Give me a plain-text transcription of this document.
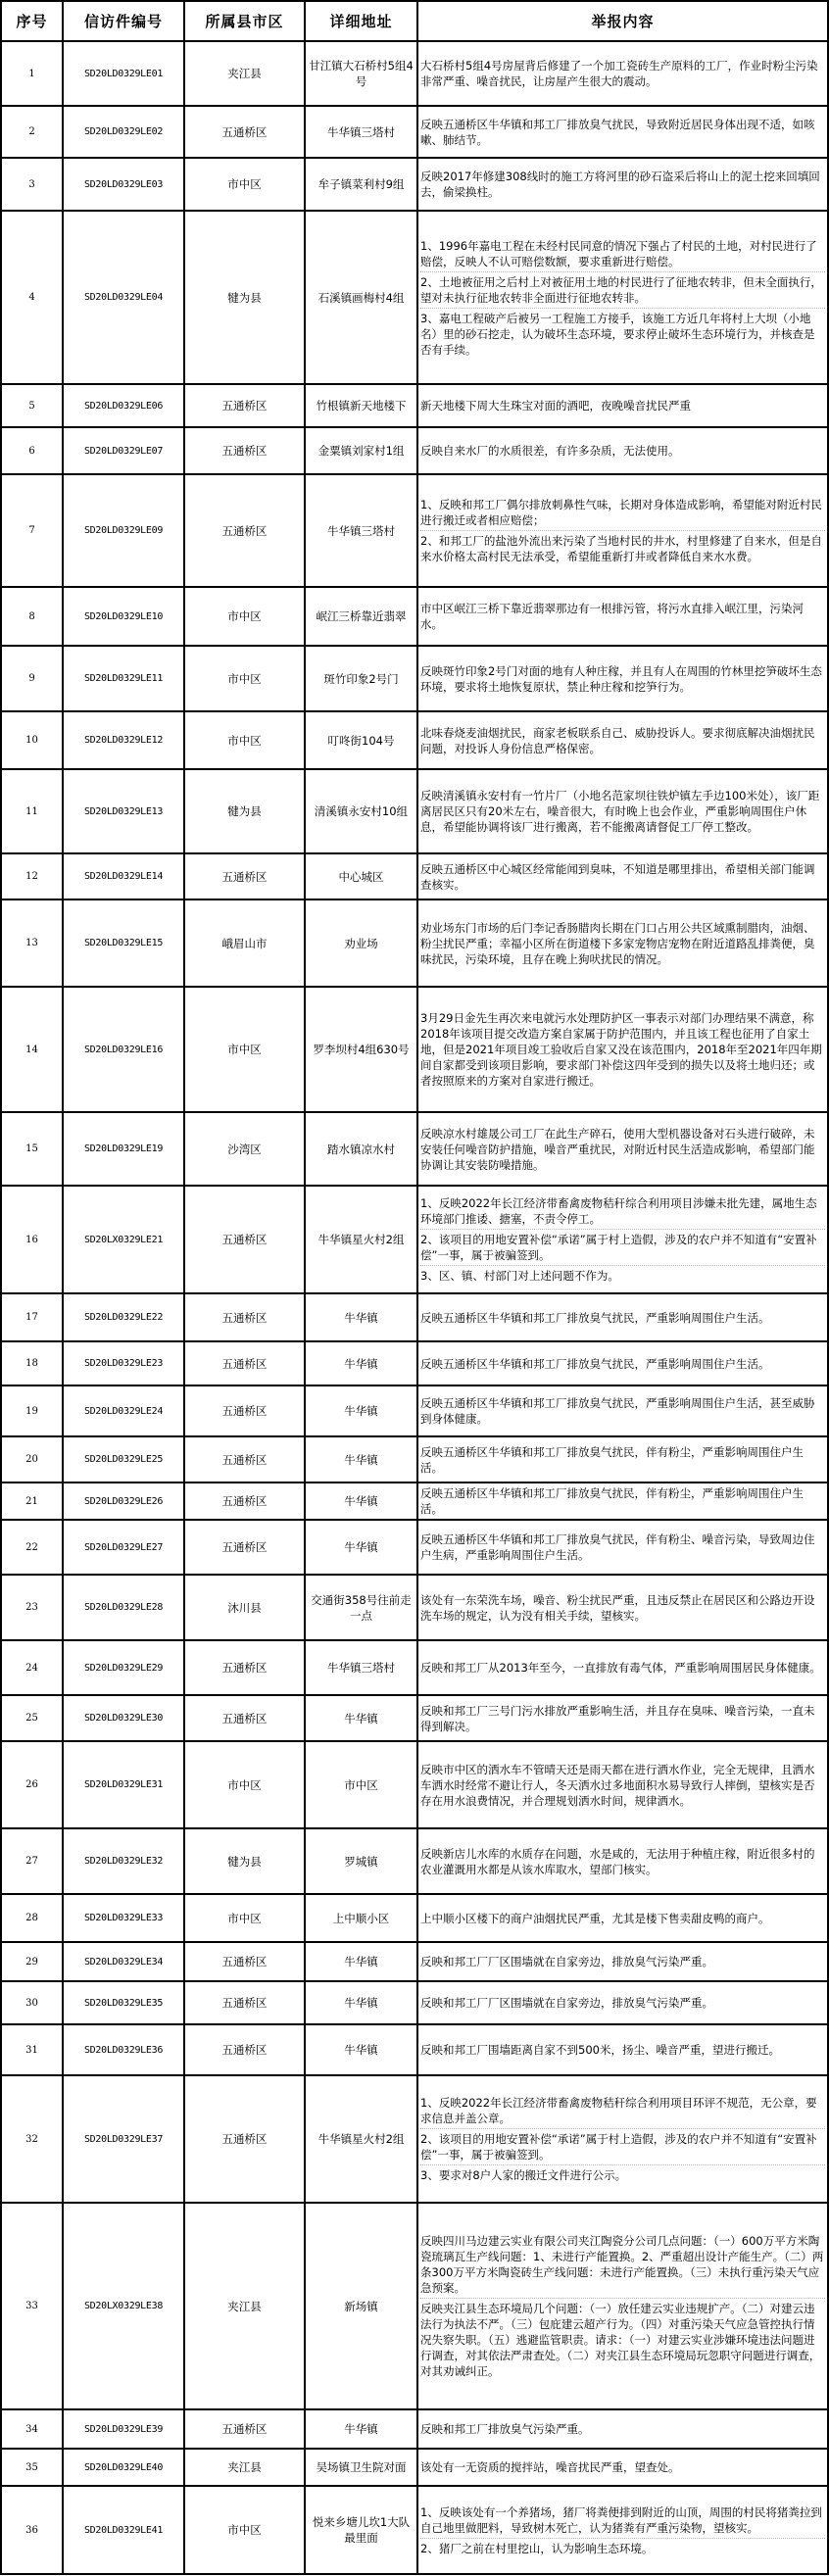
序号	信访件编号	所属县市区	详细地址	举报内容
1	SD20LD0329LE01	夹江县	甘江镇大石桥村5组4号	大石桥村5组4号房屋背后修建了一个加工瓷砖生产原料的工厂，作业时粉尘污染非常严重、噪音扰民，让房屋产生很大的震动。

2	SD20LD0329LE02	五通桥区	牛华镇三塔村	反映五通桥区牛华镇和邦工厂排放臭气扰民，导致附近居民身体出现不适，如咳嗽、肺结节。

3	SD20LD0329LE03	市中区	牟子镇菜利村9组	反映2017年修建308线时的施工方将河里的砂石盗采后将山上的泥土挖来回填回去，偷梁换柱。

4	SD20LD0329LE04	犍为县	石溪镇画梅村4组	1、1996年嘉电工程在未经村民同意的情况下强占了村民的土地，对村民进行了赔偿，反映人不认可赔偿数额，要求重新进行赔偿。
2、土地被征用之后村上对被征用土地的村民进行了征地农转非，但未全面执行，望对未执行征地农转非全面进行征地农转非。
3、嘉电工程破产后被另一工程施工方接手，该施工方近几年将村上大坝（小地名）里的砂石挖走，认为破坏生态环境，要求停止破坏生态环境行为，并核查是否有手续。

5	SD20LD0329LE06	五通桥区	竹根镇新天地楼下	新天地楼下周大生珠宝对面的酒吧，夜晚噪音扰民严重

6	SD20LD0329LE07	五通桥区	金粟镇刘家村1组	反映自来水厂的水质很差，有许多杂质，无法使用。

7	SD20LD0329LE09	五通桥区	牛华镇三塔村	1、反映和邦工厂偶尔排放刺鼻性气味，长期对身体造成影响，希望能对附近村民进行搬迁或者相应赔偿；
2、和邦工厂的盐池外流出来污染了当地村民的井水，村里修建了自来水，但是自来水价格太高村民无法承受，希望能重新打井或者降低自来水水费。

8	SD20LD0329LE10	市中区	岷江三桥靠近翡翠	市中区岷江三桥下靠近翡翠那边有一根排污管，将污水直排入岷江里，污染河水。

9	SD20LD0329LE11	市中区	斑竹印象2号门	反映斑竹印象2号门对面的地有人种庄稼，并且有人在周围的竹林里挖笋破坏生态环境，要求将土地恢复原状，禁止种庄稼和挖笋行为。

10	SD20LD0329LE12	市中区	叮咚街104号	北味春烧麦油烟扰民，商家老板联系自己、威胁投诉人。要求彻底解决油烟扰民问题，对投诉人身份信息严格保密。

11	SD20LD0329LE13	犍为县	清溪镇永安村10组	反映清溪镇永安村有一竹片厂（小地名范家坝往铁炉镇左手边100米处），该厂距离居民区只有20米左右，噪音很大，有时晚上也会作业，严重影响周围住户休息，希望能协调将该厂进行搬离，若不能搬离请督促工厂停工整改。

12	SD20LD0329LE14	五通桥区	中心城区	反映五通桥区中心城区经常能闻到臭味，不知道是哪里排出，希望相关部门能调查核实。

13	SD20LD0329LE15	峨眉山市	劝业场	劝业场东门市场的后门李记香肠腊肉长期在门口占用公共区域熏制腊肉，油烟、粉尘扰民严重；幸福小区所在街道楼下多家宠物店宠物在附近道路乱排粪便，臭味扰民，污染环境，且存在晚上狗吠扰民的情况。

14	SD20LD0329LE16	市中区	罗李坝村4组630号	3月29日金先生再次来电就污水处理防护区一事表示对部门办理结果不满意，称2018年该项目提交改造方案自家属于防护范围内，并且该工程也征用了自家土地，但是2021年项目竣工验收后自家又没在该范围内，2018年至2021年四年期间自家都受到该项目影响，要求部门补偿这四年受到的损失以及将土地归还；或者按照原来的方案对自家进行搬迁。

15	SD20LD0329LE19	沙湾区	踏水镇凉水村	反映凉水村雄晟公司工厂在此生产碎石，使用大型机器设备对石头进行破碎，未安装任何噪音防护措施，噪音严重扰民，对附近村民生活造成影响，希望部门能协调让其安装防噪措施。

16	SD20LX0329LE21	五通桥区	牛华镇星火村2组	1、反映2022年长江经济带畜禽废物秸秆综合利用项目涉嫌未批先建，属地生态环境部门推诿、搪塞，不责令停工。
2、该项目的用地安置补偿“承诺”属于村上造假，涉及的农户并不知道有“安置补偿”一事，属于被骗签到。
3、区、镇、村部门对上述问题不作为。

17	SD20LD0329LE22	五通桥区	牛华镇	反映五通桥区牛华镇和邦工厂排放臭气扰民，严重影响周围住户生活。

18	SD20LD0329LE23	五通桥区	牛华镇	反映五通桥区牛华镇和邦工厂排放臭气扰民，严重影响周围住户生活。

19	SD20LD0329LE24	五通桥区	牛华镇	反映五通桥区牛华镇和邦工厂排放臭气扰民，严重影响周围住户生活，甚至威胁到身体健康。

20	SD20LD0329LE25	五通桥区	牛华镇	反映五通桥区牛华镇和邦工厂排放臭气扰民，伴有粉尘，严重影响周围住户生活。

21	SD20LD0329LE26	五通桥区	牛华镇	反映五通桥区牛华镇和邦工厂排放臭气扰民，伴有粉尘，严重影响周围住户生活。

22	SD20LD0329LE27	五通桥区	牛华镇	反映五通桥区牛华镇和邦工厂排放臭气扰民，伴有粉尘、噪音污染，导致周边住户生病，严重影响周围住户生活。

23	SD20LD0329LE28	沐川县	交通街358号往前走一点	该处有一东荣洗车场，噪音、粉尘扰民严重，且违反禁止在居民区和公路边开设洗车场的规定，认为没有相关手续，望核实。

24	SD20LD0329LE29	五通桥区	牛华镇三塔村	反映和邦工厂从2013年至今，一直排放有毒气体，严重影响周围居民身体健康。

25	SD20LD0329LE30	五通桥区	牛华镇	反映和邦工厂三号门污水排放严重影响生活，并且存在臭味、噪音污染，一直未得到解决。

26	SD20LD0329LE31	市中区	市中区	反映市中区的洒水车不管晴天还是雨天都在进行洒水作业，完全无规律，且洒水车洒水时经常不避让行人，冬天洒水过多地面积水易导致行人摔倒，望核实是否存在用水浪费情况，并合理规划洒水时间，规律洒水。

27	SD20LD0329LE32	犍为县	罗城镇	反映新店儿水库的水质存在问题，水是咸的，无法用于种植庄稼，附近很多村的农业灌溉用水都是从该水库取水，望部门核实。

28	SD20LD0329LE33	市中区	上中顺小区	上中顺小区楼下的商户油烟扰民严重，尤其是楼下售卖甜皮鸭的商户。

29	SD20LD0329LE34	五通桥区	牛华镇	反映和邦工厂厂区围墙就在自家旁边，排放臭气污染严重。

30	SD20LD0329LE35	五通桥区	牛华镇	反映和邦工厂厂区围墙就在自家旁边，排放臭气污染严重。

31	SD20LD0329LE36	五通桥区	牛华镇	反映和邦工厂围墙距离自家不到500米，扬尘、噪音严重，望进行搬迁。

32	SD20LD0329LE37	五通桥区	牛华镇星火村2组	1、反映2022年长江经济带畜禽废物秸秆综合利用项目环评不规范，无公章，要求信息并盖公章。
2、该项目的用地安置补偿“承诺”属于村上造假，涉及的农户并不知道有“安置补偿”一事，属于被骗签到。
3、要求对8户人家的搬迁文件进行公示。

33	SD20LX0329LE38	夹江县	新场镇	反映四川马边建云实业有限公司夹江陶瓷分公司几点问题：（一）600万平方米陶瓷琉璃瓦生产线问题：1、未进行产能置换。2、严重超出设计产能生产。（二）两条300万平方米陶瓷砖生产线问题：未进行产能置换。（三）未执行重污染天气应急预案。
反映夹江县生态环境局几个问题：（一）放任建云实业违规扩产。（二）对建云违法行为执法不严。（三）包庇建云超产行为。（四）对重污染天气应急管控执行情况失察失职。（五）逃避监管职责。请求：（一）对建云实业涉嫌环境违法问题进行调查，对其依法严肃查处。（二）对夹江县生态环境局玩忽职守问题进行调查，对其劝诫纠正。

34	SD20LD0329LE39	五通桥区	牛华镇	反映和邦工厂排放臭气污染严重。

35	SD20LD0329LE40	夹江县	吴场镇卫生院对面	该处有一无资质的搅拌站，噪音扰民严重，望查处。

36	SD20LD0329LE41	市中区	悦来乡塘儿坎1大队最里面	1、反映该处有一个养猪场，猪厂将粪便排到附近的山顶，周围的村民将猪粪拉到自己地里做肥料，导致树木死亡，认为猪粪有严重污染物，望核实。
2、猪厂之前在村里挖山，认为影响生态环境。
